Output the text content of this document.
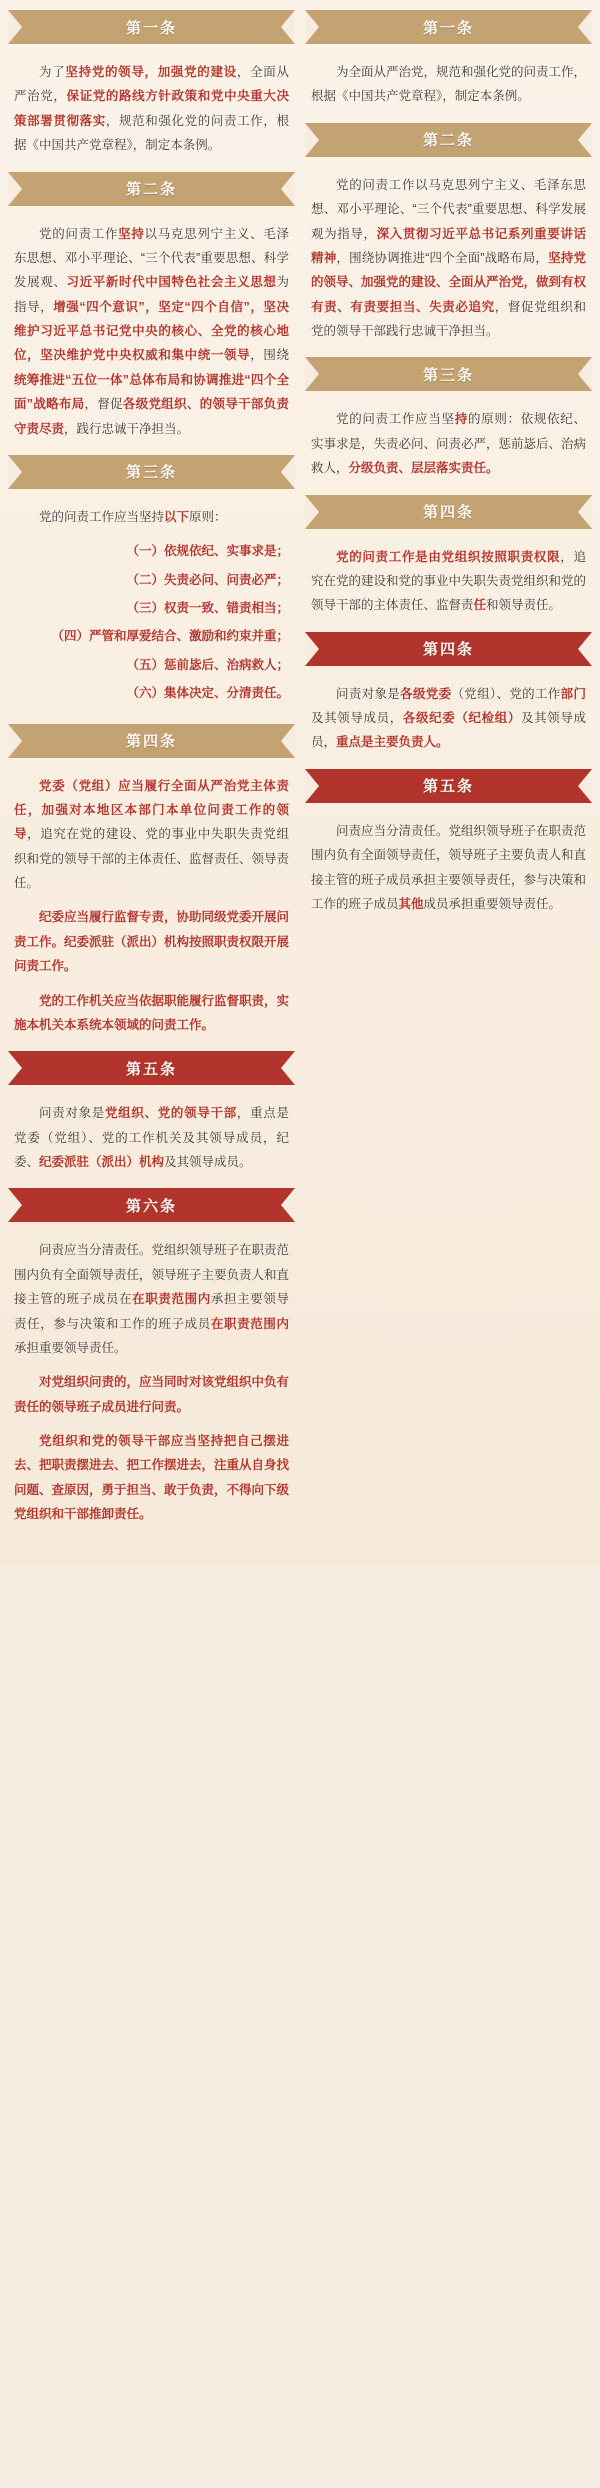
第一条

为了坚持党的领导，加强党的建设，全面从严治党，保证党的路线方针政策和党中央重大决策部署贯彻落实，规范和强化党的问责工作，根据《中国共产党章程》，制定本条例。

第二条

党的问责工作坚持以马克思列宁主义、毛泽东思想、邓小平理论、“三个代表”重要思想、科学发展观、习近平新时代中国特色社会主义思想为指导，增强“四个意识”，坚定“四个自信”，坚决维护习近平总书记党中央的核心、全党的核心地位，坚决维护党中央权威和集中统一领导，围绕统筹推进“五位一体”总体布局和协调推进“四个全面”战略布局，督促各级党组织、的领导干部负责守责尽责，践行忠诚干净担当。

第三条

党的问责工作应当坚持以下原则：

（一）依规依纪、实事求是；

（二）失责必问、问责必严；

（三）权责一致、错责相当；

（四）严管和厚爱结合、激励和约束并重；

（五）惩前毖后、治病救人；

（六）集体决定、分清责任。

第四条

党委（党组）应当履行全面从严治党主体责任，加强对本地区本部门本单位问责工作的领导，追究在党的建设、党的事业中失职失责党组织和党的领导干部的主体责任、监督责任、领导责任。

纪委应当履行监督专责，协助同级党委开展问责工作。纪委派驻（派出）机构按照职责权限开展问责工作。

党的工作机关应当依据职能履行监督职责，实施本机关本系统本领域的问责工作。

第五条

问责对象是党组织、党的领导干部，重点是党委（党组）、党的工作机关及其领导成员，纪委、纪委派驻（派出）机构及其领导成员。

第六条

问责应当分清责任。党组织领导班子在职责范围内负有全面领导责任，领导班子主要负责人和直接主管的班子成员在在职责范围内承担主要领导责任，参与决策和工作的班子成员在职责范围内承担重要领导责任。

对党组织问责的，应当同时对该党组织中负有责任的领导班子成员进行问责。

党组织和党的领导干部应当坚持把自己摆进去、把职责摆进去、把工作摆进去，注重从自身找问题、查原因，勇于担当、敢于负责，不得向下级党组织和干部推卸责任。

第一条

为全面从严治党，规范和强化党的问责工作，根据《中国共产党章程》，制定本条例。

第二条

党的问责工作以马克思列宁主义、毛泽东思想、邓小平理论、“三个代表”重要思想、科学发展观为指导，深入贯彻习近平总书记系列重要讲话精神，围绕协调推进“四个全面”战略布局，坚持党的领导、加强党的建设、全面从严治党，做到有权有责、有责要担当、失责必追究，督促党组织和党的领导干部践行忠诚干净担当。

第三条

党的问责工作应当坚持的原则：依规依纪、实事求是，失责必问、问责必严，惩前毖后、治病救人，分级负责、层层落实责任。

第四条

党的问责工作是由党组织按照职责权限，追究在党的建设和党的事业中失职失责党组织和党的领导干部的主体责任、监督责任和领导责任。

第四条

问责对象是各级党委（党组）、党的工作部门及其领导成员，各级纪委（纪检组）及其领导成员，重点是主要负责人。

第五条

问责应当分清责任。党组织领导班子在职责范围内负有全面领导责任，领导班子主要负责人和直接主管的班子成员承担主要领导责任，参与决策和工作的班子成员其他成员承担重要领导责任。
